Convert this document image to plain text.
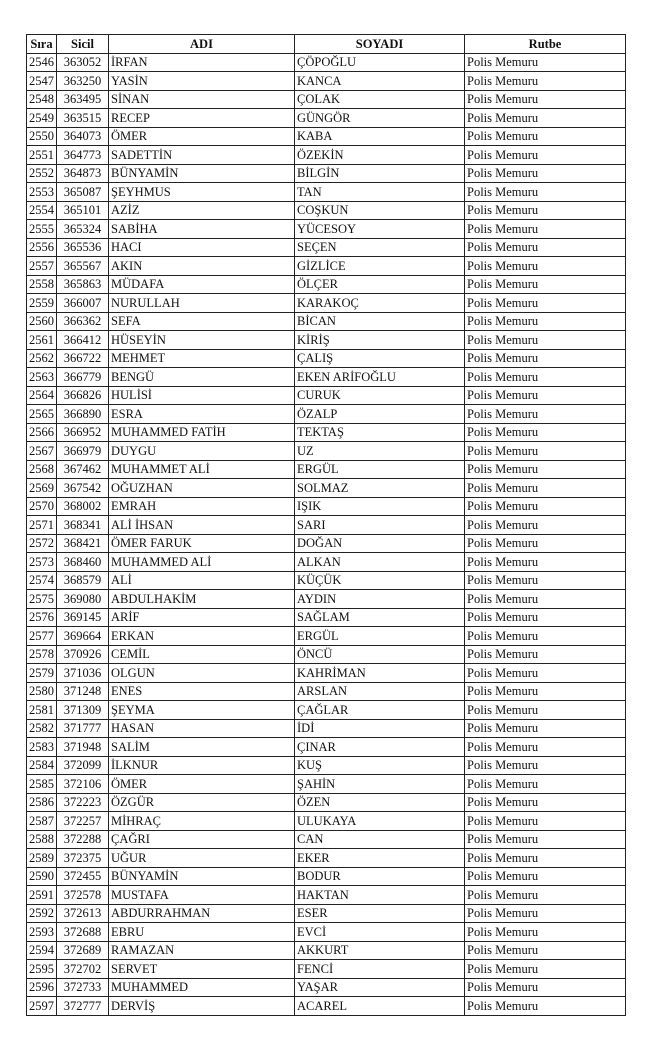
Sıra	Sicil	ADI	SOYADI	Rutbe
2546	363052	İRFAN	ÇÖPOĞLU	Polis Memuru
2547	363250	YASİN	KANCA	Polis Memuru
2548	363495	SİNAN	ÇOLAK	Polis Memuru
2549	363515	RECEP	GÜNGÖR	Polis Memuru
2550	364073	ÖMER	KABA	Polis Memuru
2551	364773	SADETTİN	ÖZEKİN	Polis Memuru
2552	364873	BÜNYAMİN	BİLGİN	Polis Memuru
2553	365087	ŞEYHMUS	TAN	Polis Memuru
2554	365101	AZİZ	COŞKUN	Polis Memuru
2555	365324	SABİHA	YÜCESOY	Polis Memuru
2556	365536	HACI	SEÇEN	Polis Memuru
2557	365567	AKIN	GİZLİCE	Polis Memuru
2558	365863	MÜDAFA	ÖLÇER	Polis Memuru
2559	366007	NURULLAH	KARAKOÇ	Polis Memuru
2560	366362	SEFA	BİCAN	Polis Memuru
2561	366412	HÜSEYİN	KİRİŞ	Polis Memuru
2562	366722	MEHMET	ÇALIŞ	Polis Memuru
2563	366779	BENGÜ	EKEN ARİFOĞLU	Polis Memuru
2564	366826	HULİSİ	CURUK	Polis Memuru
2565	366890	ESRA	ÖZALP	Polis Memuru
2566	366952	MUHAMMED FATİH	TEKTAŞ	Polis Memuru
2567	366979	DUYGU	UZ	Polis Memuru
2568	367462	MUHAMMET ALİ	ERGÜL	Polis Memuru
2569	367542	OĞUZHAN	SOLMAZ	Polis Memuru
2570	368002	EMRAH	IŞIK	Polis Memuru
2571	368341	ALİ İHSAN	SARI	Polis Memuru
2572	368421	ÖMER FARUK	DOĞAN	Polis Memuru
2573	368460	MUHAMMED ALİ	ALKAN	Polis Memuru
2574	368579	ALİ	KÜÇÜK	Polis Memuru
2575	369080	ABDULHAKİM	AYDIN	Polis Memuru
2576	369145	ARİF	SAĞLAM	Polis Memuru
2577	369664	ERKAN	ERGÜL	Polis Memuru
2578	370926	CEMİL	ÖNCÜ	Polis Memuru
2579	371036	OLGUN	KAHRİMAN	Polis Memuru
2580	371248	ENES	ARSLAN	Polis Memuru
2581	371309	ŞEYMA	ÇAĞLAR	Polis Memuru
2582	371777	HASAN	İDİ	Polis Memuru
2583	371948	SALİM	ÇINAR	Polis Memuru
2584	372099	İLKNUR	KUŞ	Polis Memuru
2585	372106	ÖMER	ŞAHİN	Polis Memuru
2586	372223	ÖZGÜR	ÖZEN	Polis Memuru
2587	372257	MİHRAÇ	ULUKAYA	Polis Memuru
2588	372288	ÇAĞRI	CAN	Polis Memuru
2589	372375	UĞUR	EKER	Polis Memuru
2590	372455	BÜNYAMİN	BODUR	Polis Memuru
2591	372578	MUSTAFA	HAKTAN	Polis Memuru
2592	372613	ABDURRAHMAN	ESER	Polis Memuru
2593	372688	EBRU	EVCİ	Polis Memuru
2594	372689	RAMAZAN	AKKURT	Polis Memuru
2595	372702	SERVET	FENCİ	Polis Memuru
2596	372733	MUHAMMED	YAŞAR	Polis Memuru
2597	372777	DERVİŞ	ACAREL	Polis Memuru
